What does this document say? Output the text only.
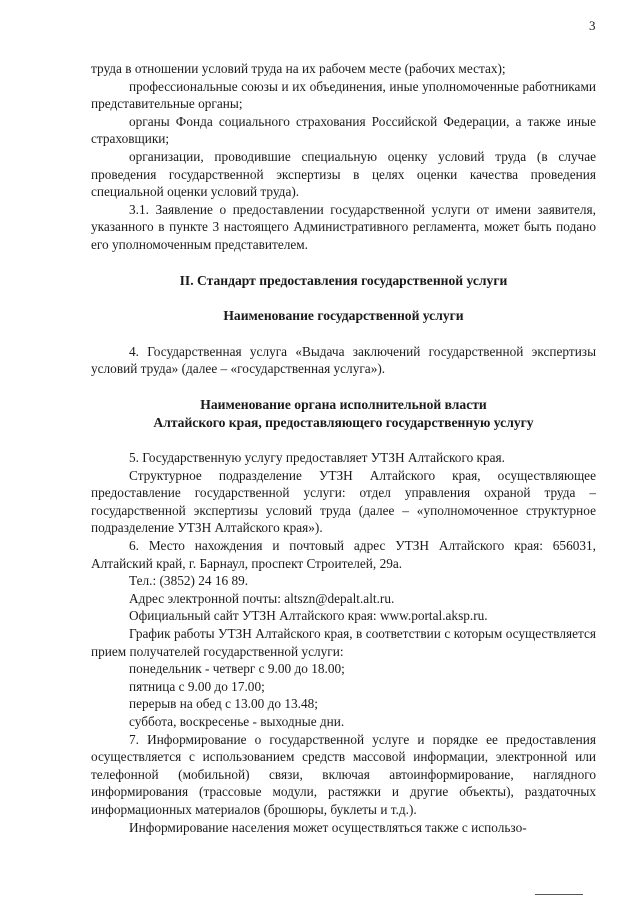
3

труда в отношении условий труда на их рабочем месте (рабочих местах);

профессиональные союзы и их объединения, иные уполномоченные работниками представительные органы;

органы Фонда социального страхования Российской Федерации, а также иные страховщики;

организации, проводившие специальную оценку условий труда (в случае проведения государственной экспертизы в целях оценки качества проведения специальной оценки условий труда).

3.1. Заявление о предоставлении государственной услуги от имени заявителя, указанного в пункте 3 настоящего Административного регламента, может быть подано его уполномоченным представителем.

II. Стандарт предоставления государственной услуги

Наименование государственной услуги

4. Государственная услуга «Выдача заключений государственной экспертизы условий труда» (далее – «государственная услуга»).

Наименование органа исполнительной власти
Алтайского края, предоставляющего государственную услугу

5. Государственную услугу предоставляет УТЗН Алтайского края.

Структурное подразделение УТЗН Алтайского края, осуществляющее предоставление государственной услуги: отдел управления охраной труда – государственной экспертизы условий труда (далее – «уполномоченное структурное подразделение УТЗН Алтайского края»).

6. Место нахождения и почтовый адрес УТЗН Алтайского края: 656031, Алтайский край, г. Барнаул, проспект Строителей, 29а.

Тел.: (3852) 24 16 89.

Адрес электронной почты: altszn@depalt.alt.ru.

Официальный сайт УТЗН Алтайского края: www.portal.aksp.ru.

График работы УТЗН Алтайского края, в соответствии с которым осуществляется прием получателей государственной услуги:

понедельник - четверг с 9.00 до 18.00;

пятница с 9.00 до 17.00;

перерыв на обед с 13.00 до 13.48;

суббота, воскресенье - выходные дни.

7. Информирование о государственной услуге и порядке ее предоставления осуществляется с использованием средств массовой информации, электронной или телефонной (мобильной) связи, включая автоинформирование, наглядного информирования (трассовые модули, растяжки и другие объекты), раздаточных информационных материалов (брошюры, буклеты и т.д.).

Информирование населения может осуществляться также с использо-
